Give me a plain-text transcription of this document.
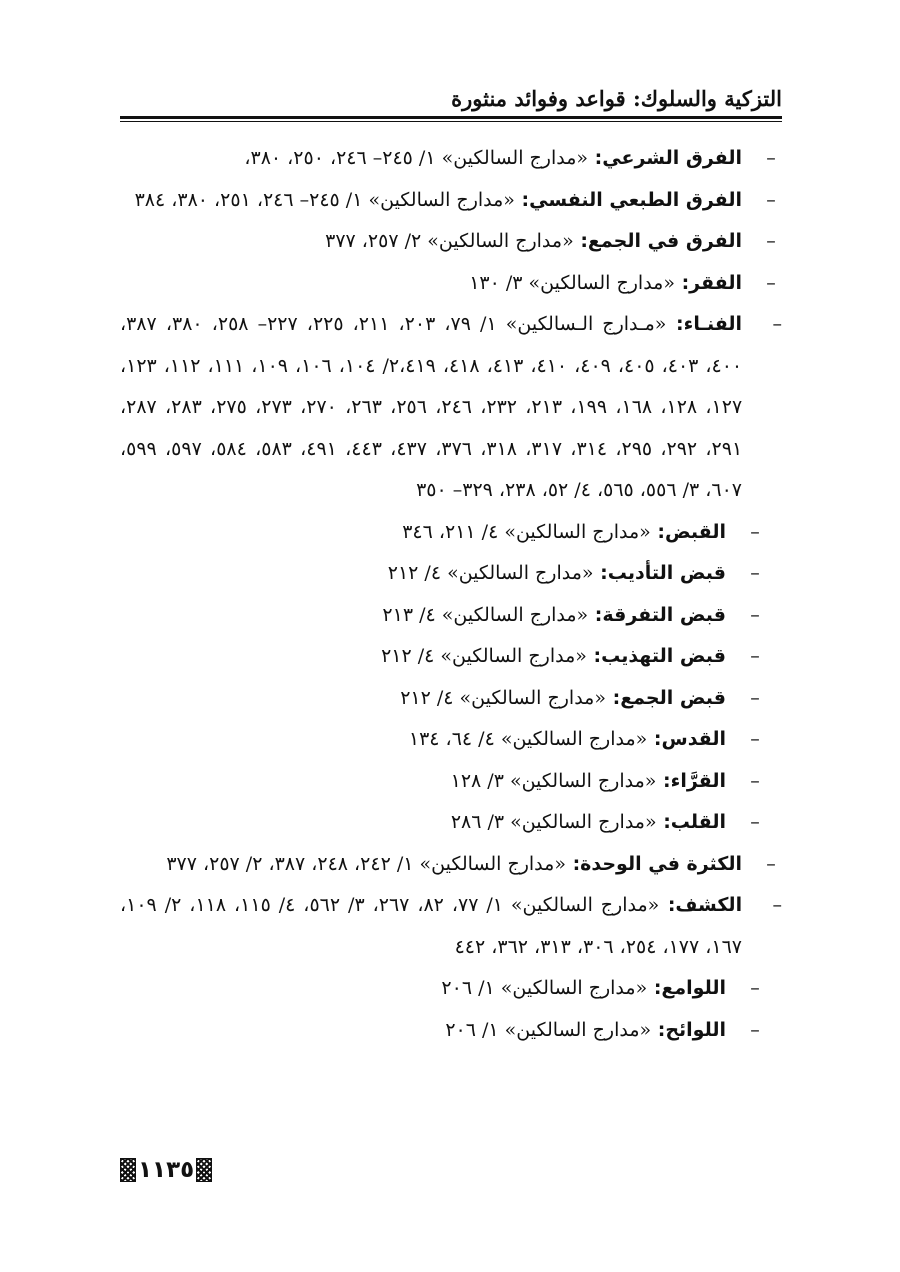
التزكية والسلوك: قواعد وفوائد منثورة
–
الفرق الشرعي: «مدارج السالكين» ١/ ٢٤٥– ٢٤٦، ٢٥٠، ٣٨٠،
–
الفرق الطبعي النفسي: «مدارج السالكين» ١/ ٢٤٥– ٢٤٦، ٢٥١، ٣٨٠، ٣٨٤
–
الفرق في الجمع: «مدارج السالكين» ٢/ ٢٥٧، ٣٧٧
–
الفقر: «مدارج السالكين» ٣/ ١٣٠
–
الفنـاء: «مـدارج الـسالكين» ١/ ٧٩، ٢٠٣، ٢١١، ٢٢٥، ٢٢٧– ٢٥٨، ٣٨٠، ٣٨٧، ٤٠٠، ٤٠٣، ٤٠٥، ٤٠٩، ٤١٠، ٤١٣، ٤١٨، ٢،٤١٩/ ١٠٤، ١٠٦، ١٠٩، ١١١، ١١٢، ١٢٣، ١٢٧، ١٢٨، ١٦٨، ١٩٩، ٢١٣، ٢٣٢، ٢٤٦، ٢٥٦، ٢٦٣، ٢٧٠، ٢٧٣، ٢٧٥، ٢٨٣، ٢٨٧، ٢٩١، ٢٩٢، ٢٩٥، ٣١٤، ٣١٧، ٣١٨، ٣٧٦، ٤٣٧، ٤٤٣، ٤٩١، ٥٨٣، ٥٨٤، ٥٩٧، ٥٩٩، ٦٠٧، ٣/ ٥٥٦، ٥٦٥، ٤/ ٥٢، ٢٣٨، ٣٢٩– ٣٥٠
–
القبض: «مدارج السالكين» ٤/ ٢١١، ٣٤٦
–
قبض التأديب: «مدارج السالكين» ٤/ ٢١٢
–
قبض التفرقة: «مدارج السالكين» ٤/ ٢١٣
–
قبض التهذيب: «مدارج السالكين» ٤/ ٢١٢
–
قبض الجمع: «مدارج السالكين» ٤/ ٢١٢
–
القدس: «مدارج السالكين» ٤/ ٦٤، ١٣٤
–
القرَّاء: «مدارج السالكين» ٣/ ١٢٨
–
القلب: «مدارج السالكين» ٣/ ٢٨٦
–
الكثرة في الوحدة: «مدارج السالكين» ١/ ٢٤٢، ٢٤٨، ٣٨٧، ٢/ ٢٥٧، ٣٧٧
–
الكشف: «مدارج السالكين» ١/ ٧٧، ٨٢، ٢٦٧، ٣/ ٥٦٢، ٤/ ١١٥، ١١٨، ٢/ ١٠٩، ١٦٧، ١٧٧، ٢٥٤، ٣٠٦، ٣١٣، ٣٦٢، ٤٤٢
–
اللوامع: «مدارج السالكين» ١/ ٢٠٦
–
اللوائح: «مدارج السالكين» ١/ ٢٠٦
١١٣٥
